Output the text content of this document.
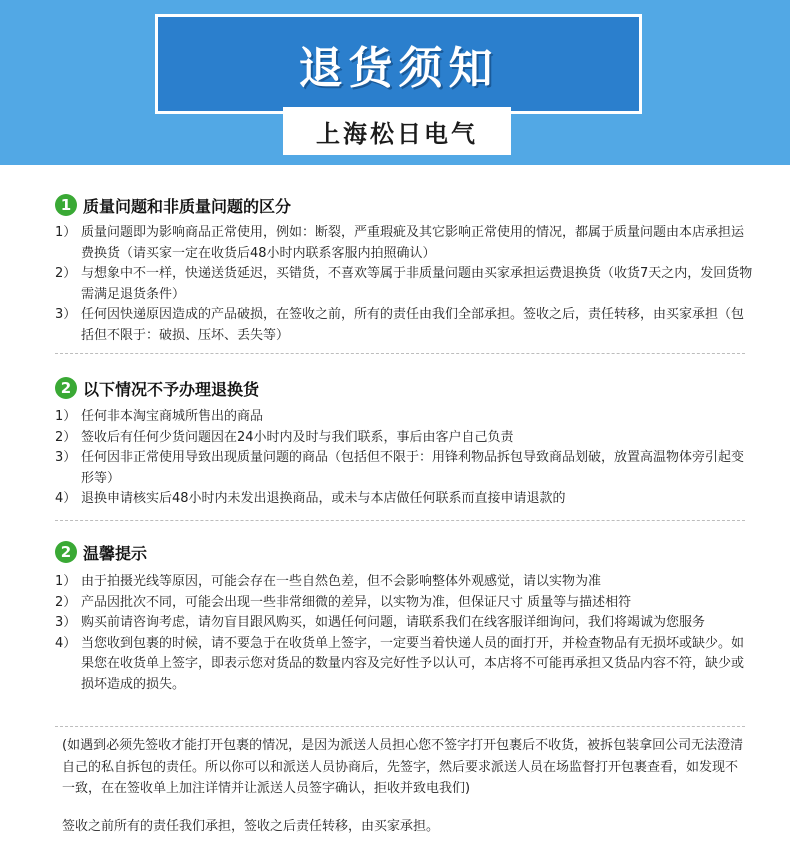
退货须知
上海松日电气
1 质量问题和非质量问题的区分
1） 质量问题即为影响商品正常使用，例如：断裂，严重瑕疵及其它影响正常使用的情况，都属于质量问题由本店承担运费换货（请买家一定在收货后48小时内联系客服内拍照确认）
2） 与想象中不一样，快递送货延迟，买错货，不喜欢等属于非质量问题由买家承担运费退换货（收货7天之内，发回货物需满足退货条件）
3） 任何因快递原因造成的产品破损，在签收之前，所有的责任由我们全部承担。签收之后，责任转移，由买家承担（包括但不限于：破损、压坏、丢失等）
2 以下情况不予办理退换货
1） 任何非本淘宝商城所售出的商品
2） 签收后有任何少货问题因在24小时内及时与我们联系，事后由客户自己负责
3） 任何因非正常使用导致出现质量问题的商品（包括但不限于：用锋利物品拆包导致商品划破，放置高温物体旁引起变形等）
4） 退换申请核实后48小时内未发出退换商品，或未与本店做任何联系而直接申请退款的
2 温馨提示
1） 由于拍摄光线等原因，可能会存在一些自然色差，但不会影响整体外观感觉，请以实物为准
2） 产品因批次不同，可能会出现一些非常细微的差异，以实物为准，但保证尺寸 质量等与描述相符
3） 购买前请咨询考虑，请勿盲目跟风购买，如遇任何问题，请联系我们在线客服详细询问，我们将竭诚为您服务
4） 当您收到包裹的时候，请不要急于在收货单上签字，一定要当着快递人员的面打开，并检查物品有无损坏或缺少。如果您在收货单上签字，即表示您对货品的数量内容及完好性予以认可，本店将不可能再承担又货品内容不符，缺少或损坏造成的损失。
(如遇到必须先签收才能打开包裹的情况，是因为派送人员担心您不签字打开包裹后不收货，被拆包装拿回公司无法澄清自己的私自拆包的责任。所以你可以和派送人员协商后，先签字，然后要求派送人员在场监督打开包裹查看，如发现不一致，在在签收单上加注详情并让派送人员签字确认，拒收并致电我们)
签收之前所有的责任我们承担，签收之后责任转移，由买家承担。
